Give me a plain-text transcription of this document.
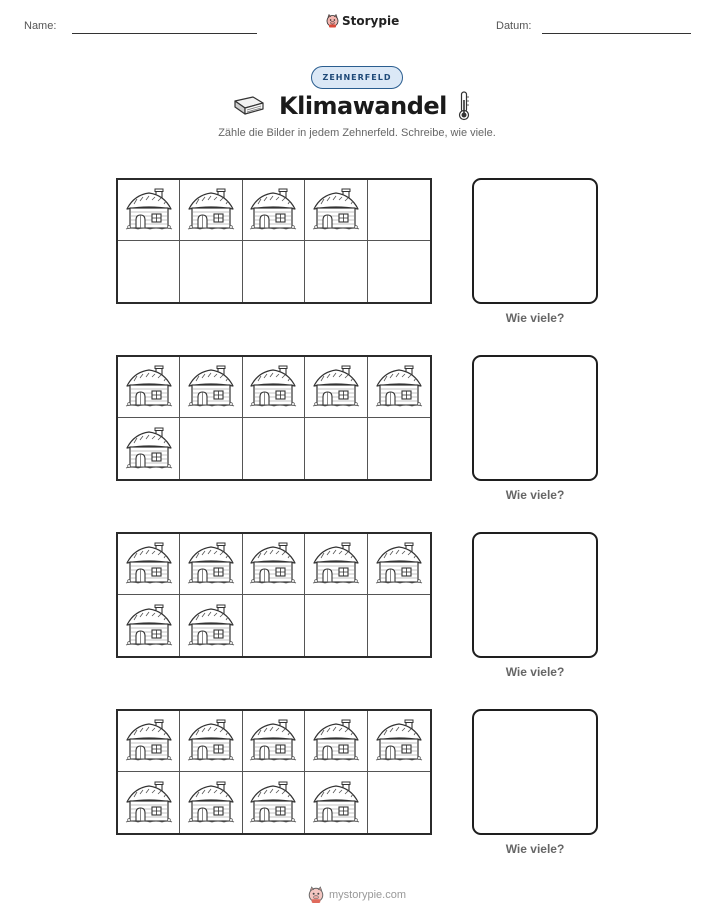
Name:	Storypie	Datum:
ZEHNERFELD
Klimawandel
Zähle die Bilder in jedem Zehnerfeld. Schreibe, wie viele.
Wie viele?
Wie viele?
Wie viele?
Wie viele?
mystorypie.com
